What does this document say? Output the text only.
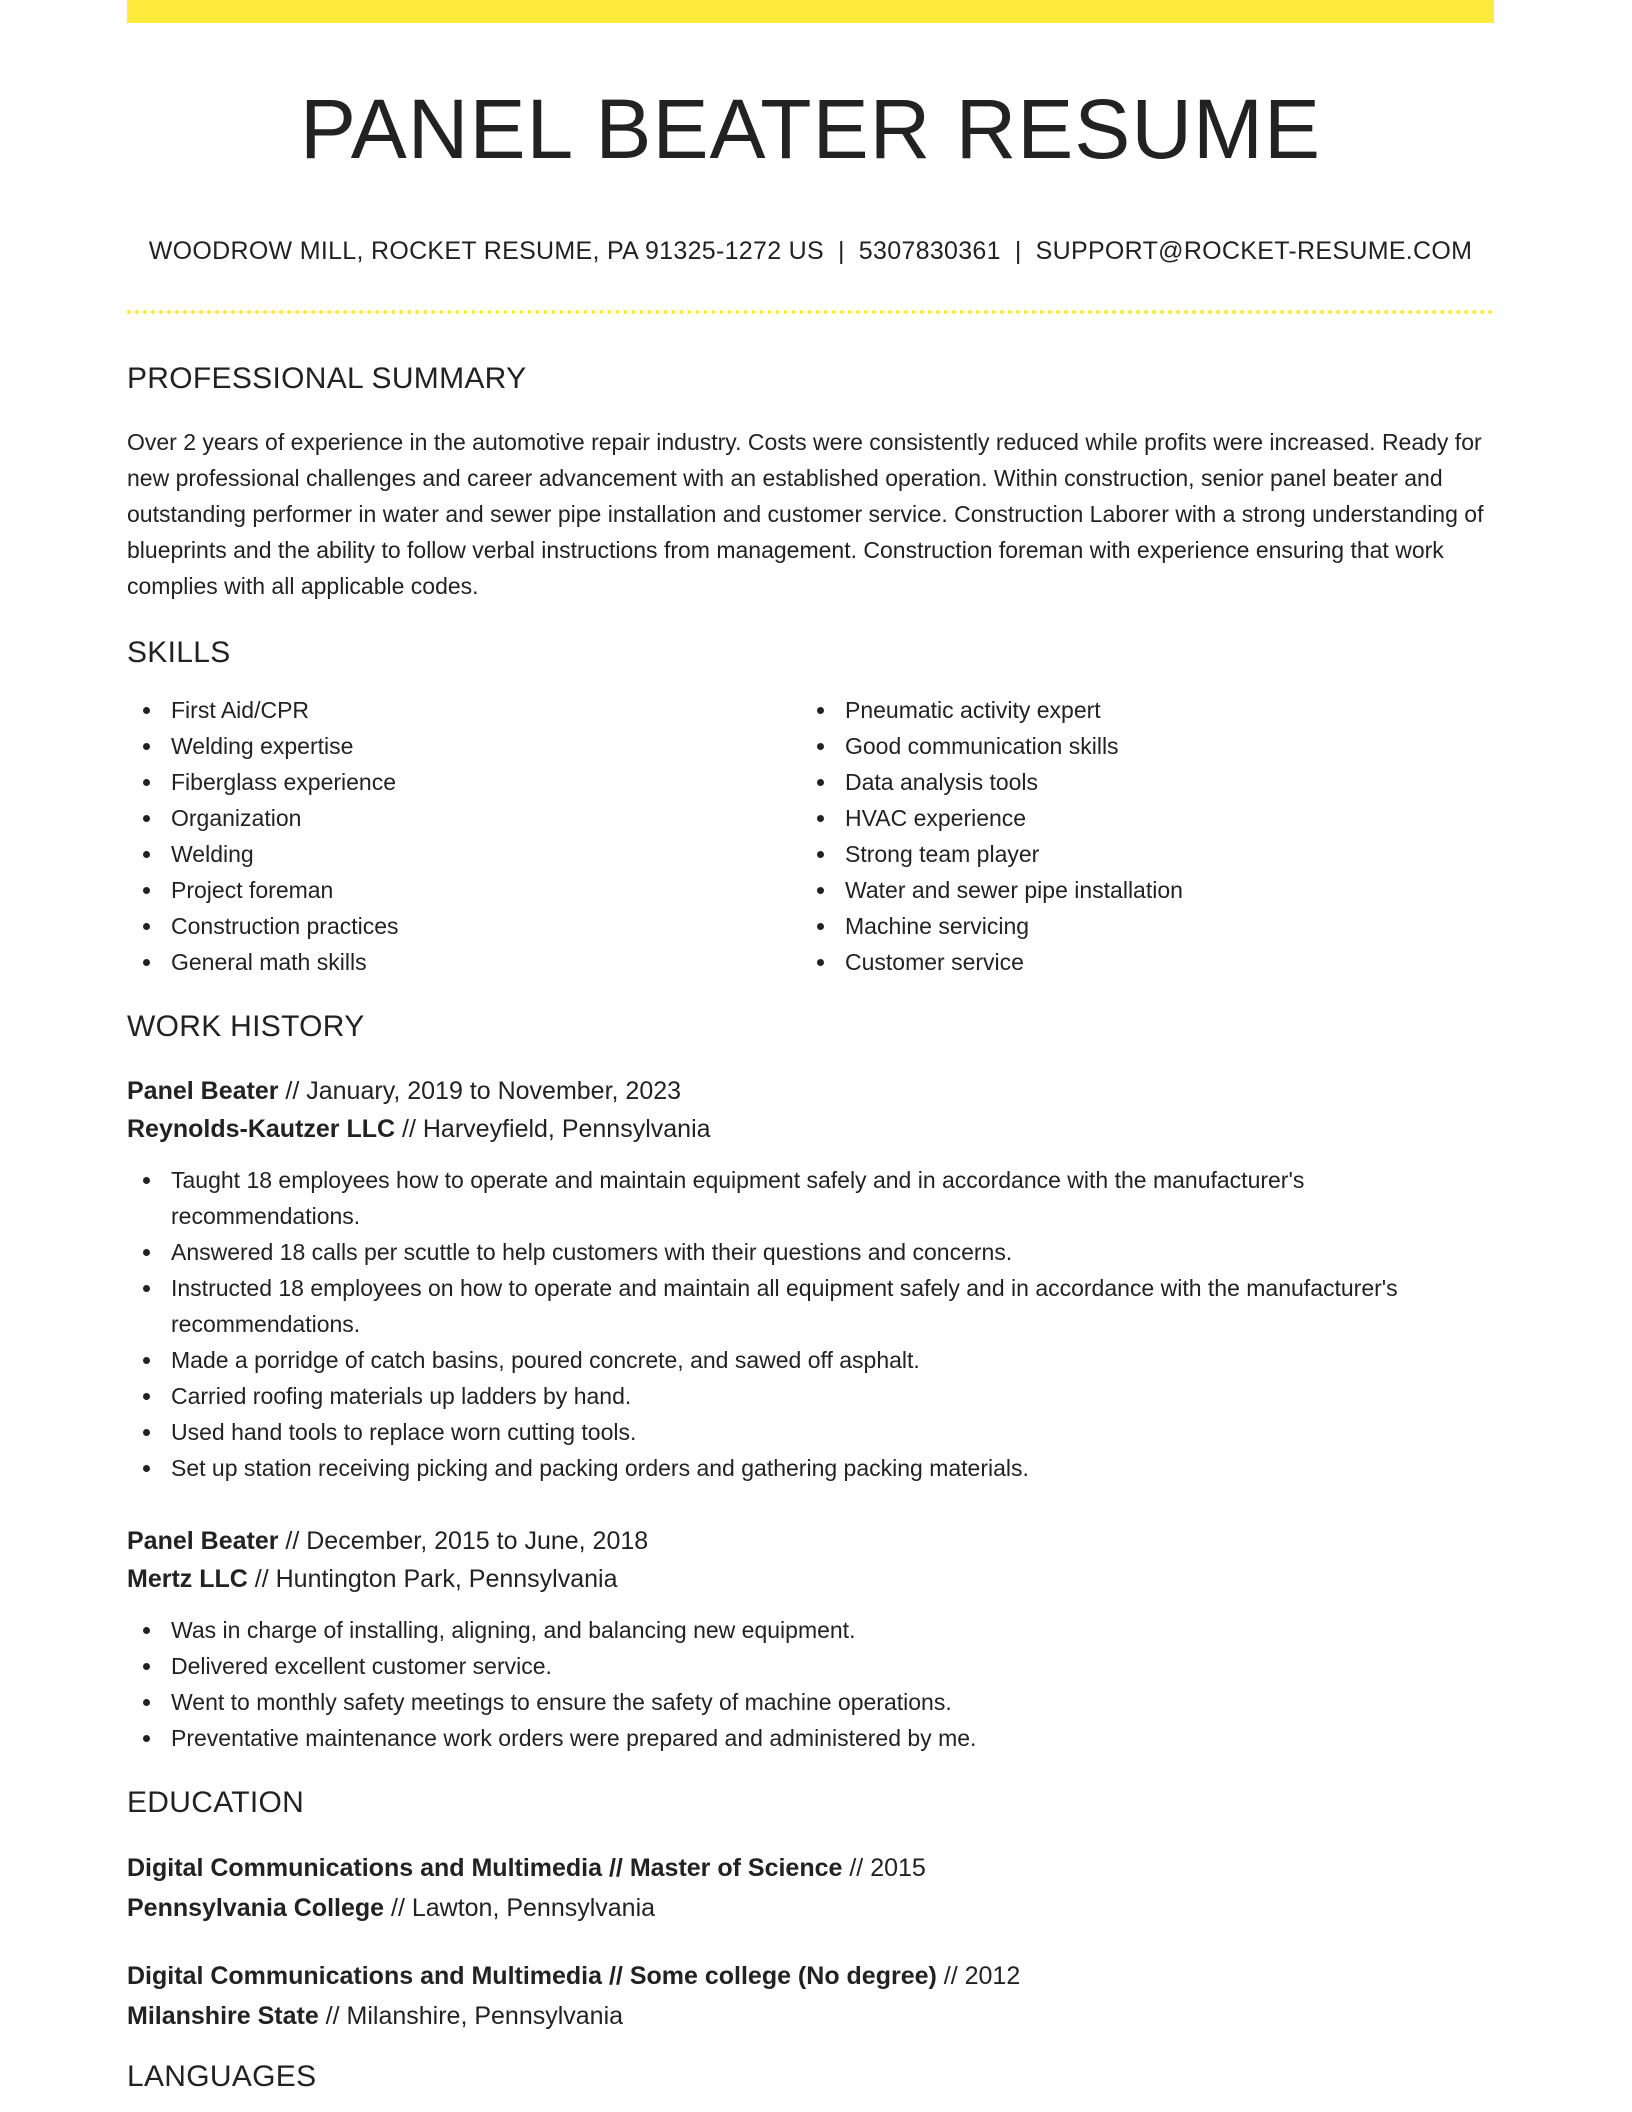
PANEL BEATER RESUME
WOODROW MILL, ROCKET RESUME, PA 91325-1272 US | 5307830361 | SUPPORT@ROCKET-RESUME.COM
PROFESSIONAL SUMMARY

Over 2 years of experience in the automotive repair industry. Costs were consistently reduced while profits were increased. Ready for new professional challenges and career advancement with an established operation. Within construction, senior panel beater and outstanding performer in water and sewer pipe installation and customer service. Construction Laborer with a strong understanding of blueprints and the ability to follow verbal instructions from management. Construction foreman with experience ensuring that work complies with all applicable codes.

SKILLS
First Aid/CPR
Welding expertise
Fiberglass experience
Organization
Welding
Project foreman
Construction practices
General math skills
Pneumatic activity expert
Good communication skills
Data analysis tools
HVAC experience
Strong team player
Water and sewer pipe installation
Machine servicing
Customer service
WORK HISTORY
Panel Beater // January, 2019 to November, 2023
Reynolds-Kautzer LLC // Harveyfield, Pennsylvania
Taught 18 employees how to operate and maintain equipment safely and in accordance with the manufacturer's recommendations.
Answered 18 calls per scuttle to help customers with their questions and concerns.
Instructed 18 employees on how to operate and maintain all equipment safely and in accordance with the manufacturer's recommendations.
Made a porridge of catch basins, poured concrete, and sawed off asphalt.
Carried roofing materials up ladders by hand.
Used hand tools to replace worn cutting tools.
Set up station receiving picking and packing orders and gathering packing materials.
Panel Beater // December, 2015 to June, 2018
Mertz LLC // Huntington Park, Pennsylvania
Was in charge of installing, aligning, and balancing new equipment.
Delivered excellent customer service.
Went to monthly safety meetings to ensure the safety of machine operations.
Preventative maintenance work orders were prepared and administered by me.
EDUCATION
Digital Communications and Multimedia // Master of Science // 2015
Pennsylvania College // Lawton, Pennsylvania
Digital Communications and Multimedia // Some college (No degree) // 2012
Milanshire State // Milanshire, Pennsylvania
LANGUAGES
